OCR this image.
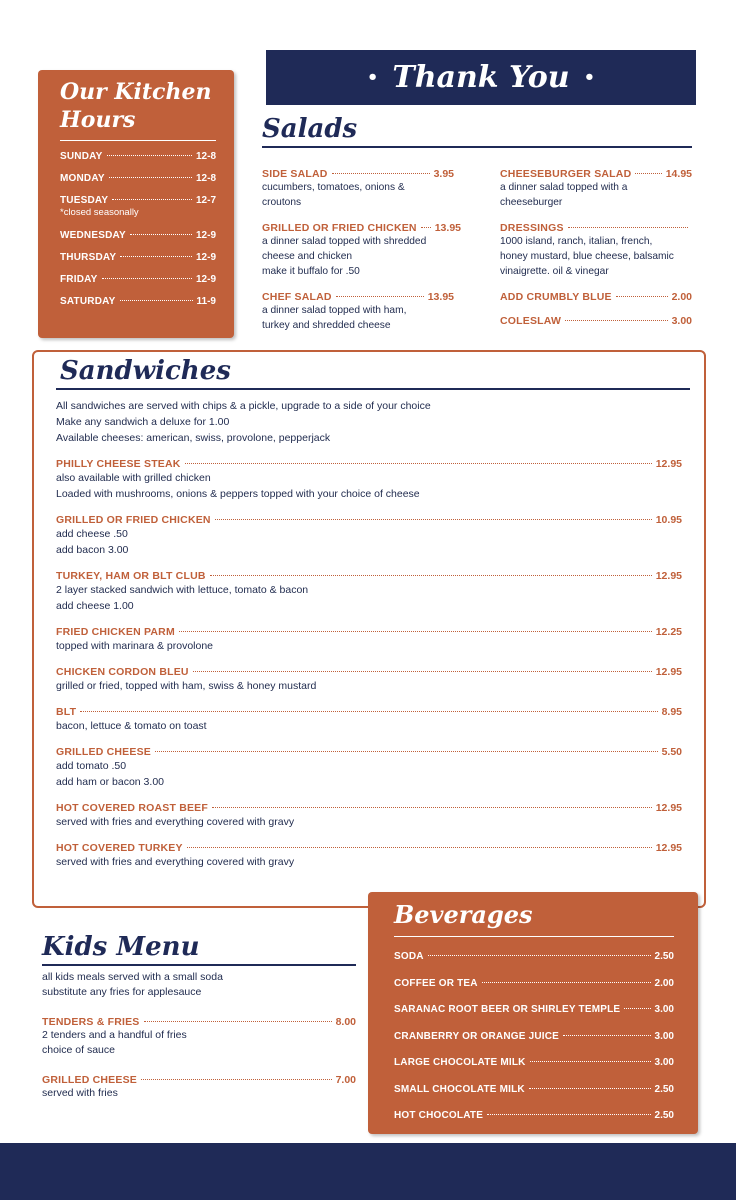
Our Kitchen
Hours
SUNDAY	12-8
MONDAY	12-8
TUESDAY	12-7
*closed seasonally
WEDNESDAY	12-9
THURSDAY	12-9
FRIDAY	12-9
SATURDAY	11-9
• Thank You •
Salads
SIDE SALAD	3.95
cucumbers, tomatoes, onions &
croutons
GRILLED OR FRIED CHICKEN 13.95
a dinner salad topped with shredded
cheese and chicken
make it buffalo for .50
CHEF SALAD	13.95
a dinner salad topped with ham,
turkey and shredded cheese
CHEESEBURGER SALAD	14.95
a dinner salad topped with a
cheeseburger
DRESSINGS
1000 island, ranch, italian, french,
honey mustard, blue cheese, balsamic
vinaigrette. oil & vinegar
ADD CRUMBLY BLUE	2.00
COLESLAW	3.00
Sandwiches
All sandwiches are served with chips & a pickle, upgrade to a side of your choice
Make any sandwich a deluxe for 1.00
Available cheeses: american, swiss, provolone, pepperjack
PHILLY CHEESE STEAK	12.95
also available with grilled chicken
Loaded with mushrooms, onions & peppers topped with your choice of cheese
GRILLED OR FRIED CHICKEN	10.95
add cheese .50
add bacon 3.00
TURKEY, HAM OR BLT CLUB	12.95
2 layer stacked sandwich with lettuce, tomato & bacon
add cheese 1.00
FRIED CHICKEN PARM	12.25
topped with marinara & provolone
CHICKEN CORDON BLEU	12.95
grilled or fried, topped with ham, swiss & honey mustard
BLT	8.95
bacon, lettuce & tomato on toast
GRILLED CHEESE	5.50
add tomato .50
add ham or bacon 3.00
HOT COVERED ROAST BEEF	12.95
served with fries and everything covered with gravy
HOT COVERED TURKEY	12.95
served with fries and everything covered with gravy
Kids Menu
all kids meals served with a small soda
substitute any fries for applesauce
TENDERS & FRIES	8.00
2 tenders and a handful of fries
choice of sauce
GRILLED CHEESE	7.00
served with fries
Beverages
SODA	2.50
COFFEE OR TEA	2.00
SARANAC ROOT BEER OR SHIRLEY TEMPLE	3.00
CRANBERRY OR ORANGE JUICE	3.00
LARGE CHOCOLATE MILK	3.00
SMALL CHOCOLATE MILK	2.50
HOT CHOCOLATE	2.50
